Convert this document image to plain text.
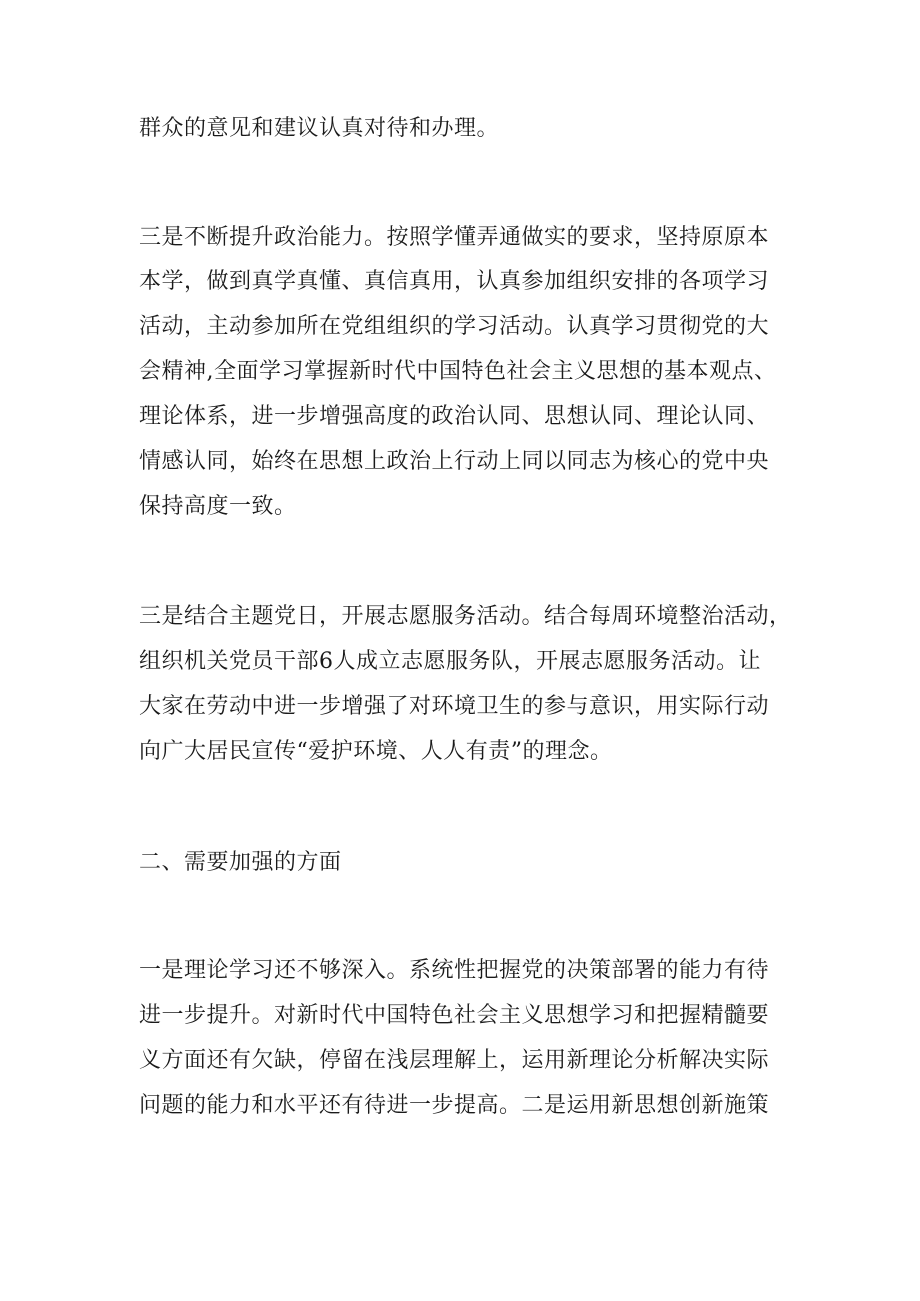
群众的意见和建议认真对待和办理。
三是不断提升政治能力。按照学懂弄通做实的要求，坚持原原本
本学，做到真学真懂、真信真用，认真参加组织安排的各项学习
活动，主动参加所在党组组织的学习活动。认真学习贯彻党的大
会精神,全面学习掌握新时代中国特色社会主义思想的基本观点、
理论体系，进一步增强高度的政治认同、思想认同、理论认同、
情感认同，始终在思想上政治上行动上同以同志为核心的党中央
保持高度一致。
三是结合主题党日，开展志愿服务活动。结合每周环境整治活动，
组织机关党员干部6人成立志愿服务队，开展志愿服务活动。让
大家在劳动中进一步增强了对环境卫生的参与意识，用实际行动
向广大居民宣传“爱护环境、人人有责”的理念。
二、需要加强的方面
一是理论学习还不够深入。系统性把握党的决策部署的能力有待
进一步提升。对新时代中国特色社会主义思想学习和把握精髓要
义方面还有欠缺，停留在浅层理解上，运用新理论分析解决实际
问题的能力和水平还有待进一步提高。二是运用新思想创新施策
